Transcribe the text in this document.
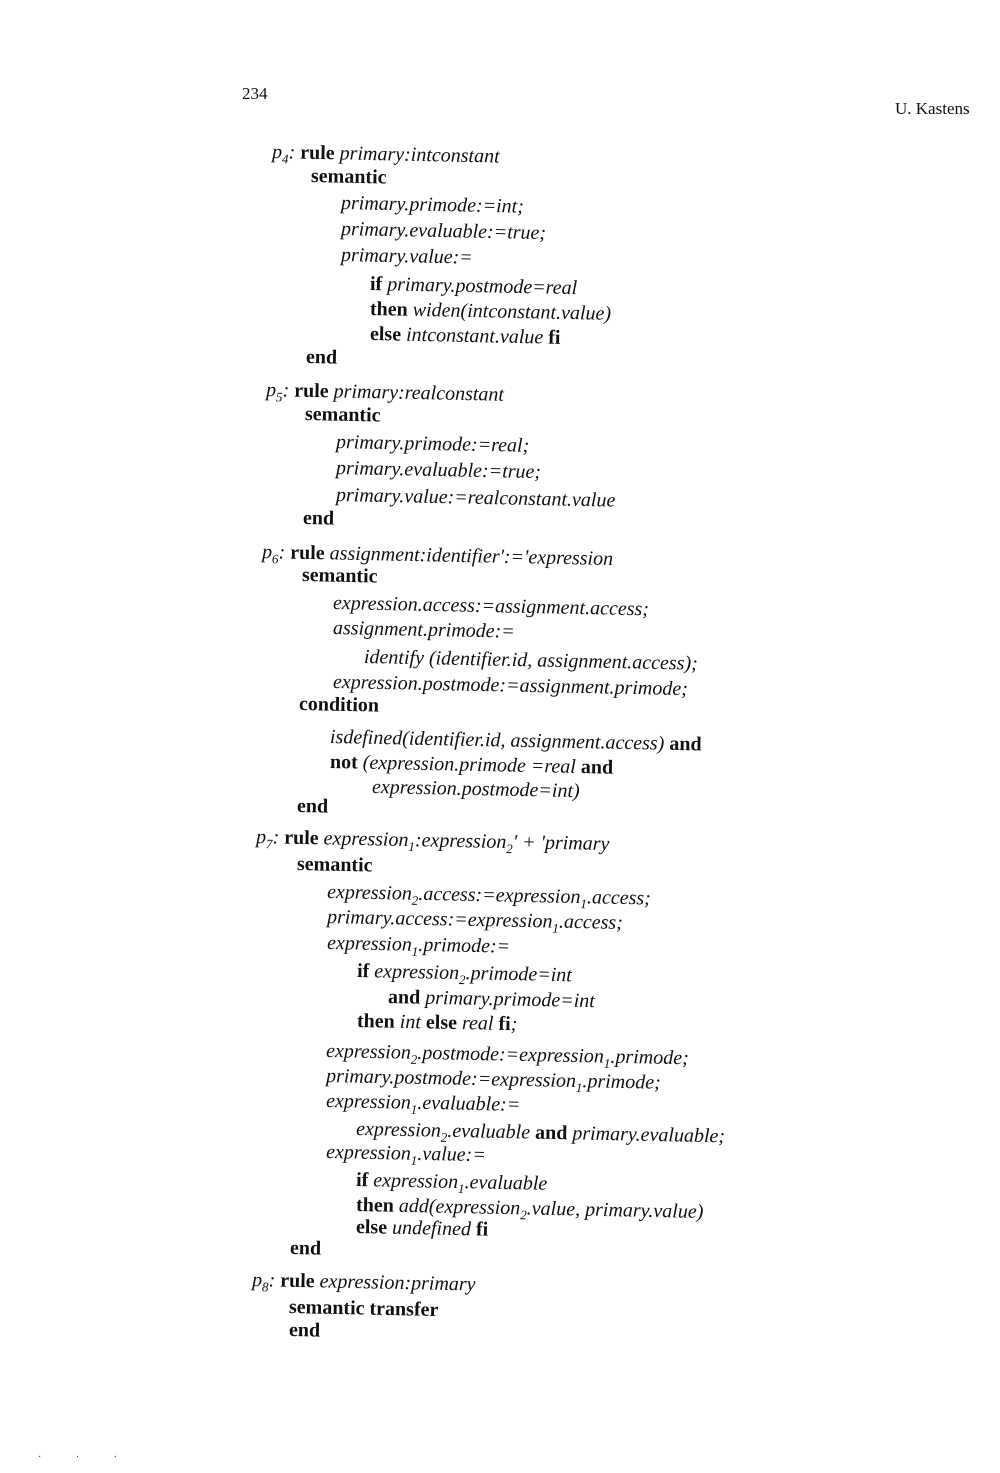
234
U. Kastens
$p_4$: rule primary:intconstant
semantic
primary.primode:=int;
primary.evaluable:=true;
primary.value:=
if primary.postmode=real
then widen(intconstant.value)
else intconstant.value fi
end
$p_5$: rule primary:realconstant
semantic
primary.primode:=real;
primary.evaluable:=true;
primary.value:=realconstant.value
end
$p_6$: rule assignment:identifier':='expression
semantic
expression.access:=assignment.access;
assignment.primode:=
identify (identifier.id, assignment.access);
expression.postmode:=assignment.primode;
condition
isdefined(identifier.id, assignment.access) and
not (expression.primode =real and
expression.postmode=int)
end
$p_7$: rule expression$_1$:expression$_2$' + 'primary
semantic
expression$_2$.access:=expression$_1$.access;
primary.access:=expression$_1$.access;
expression$_1$.primode:=
if expression$_2$.primode=int
and primary.primode=int
then int else real fi;
expression$_2$.postmode:=expression$_1$.primode;
primary.postmode:=expression$_1$.primode;
expression$_1$.evaluable:=
expression$_2$.evaluable and primary.evaluable;
expression$_1$.value:=
if expression$_1$.evaluable
then add(expression$_2$.value, primary.value)
else undefined fi
end
$p_8$: rule expression:primary
semantic transfer
end
· · ·
